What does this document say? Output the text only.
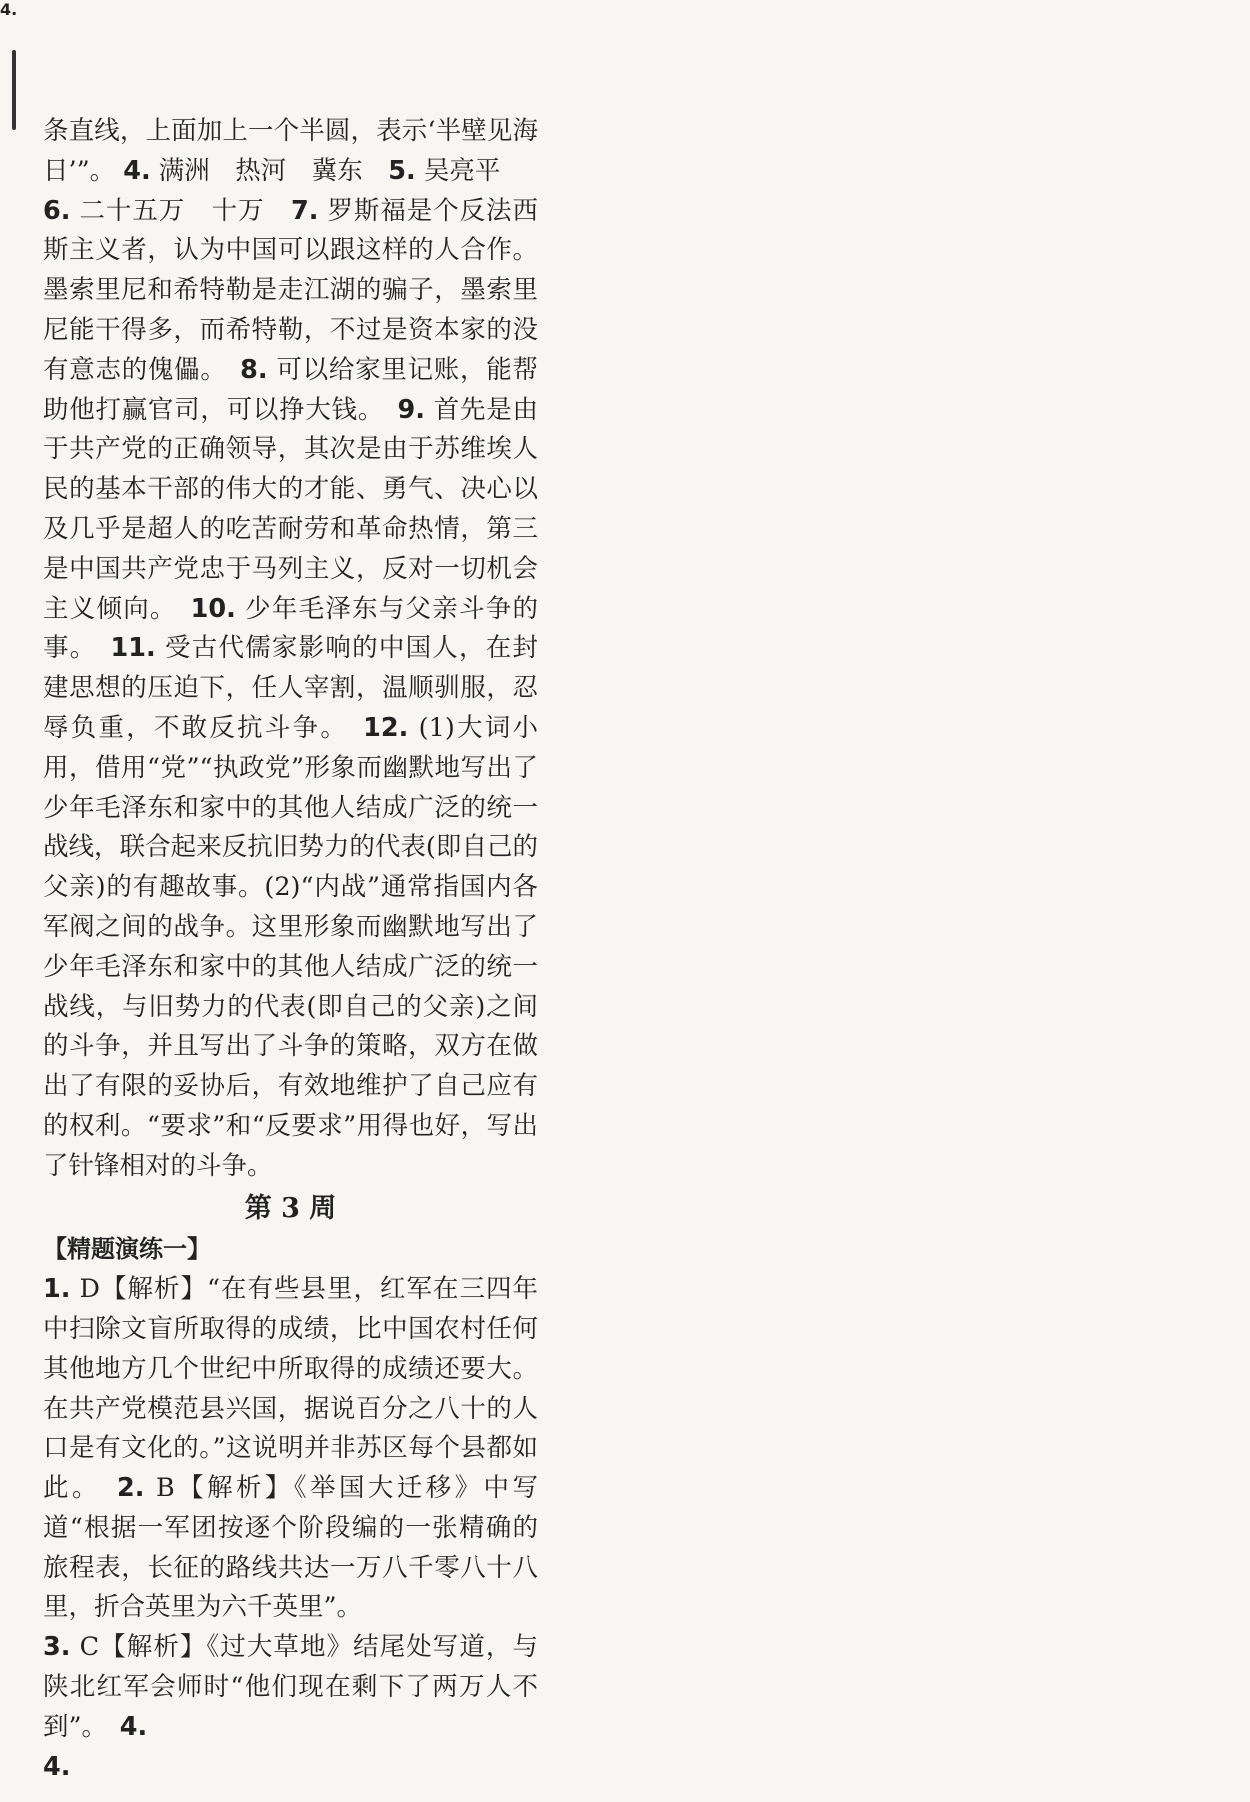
条直线，上面加上一个半圆，表示‘半壁见海日’”。 4. 满洲　热河　冀东　5. 吴亮平
6. 二十五万　十万　7. 罗斯福是个反法西斯主义者，认为中国可以跟这样的人合作。墨索里尼和希特勒是走江湖的骗子，墨索里尼能干得多，而希特勒，不过是资本家的没有意志的傀儡。　8. 可以给家里记账，能帮助他打赢官司，可以挣大钱。　9. 首先是由于共产党的正确领导，其次是由于苏维埃人民的基本干部的伟大的才能、勇气、决心以及几乎是超人的吃苦耐劳和革命热情，第三是中国共产党忠于马列主义，反对一切机会主义倾向。　10. 少年毛泽东与父亲斗争的事。　11. 受古代儒家影响的中国人，在封建思想的压迫下，任人宰割，温顺驯服，忍辱负重，不敢反抗斗争。　12. (1)大词小用，借用“党”“执政党”形象而幽默地写出了少年毛泽东和家中的其他人结成广泛的统一战线，联合起来反抗旧势力的代表(即自己的父亲)的有趣故事。(2)“内战”通常指国内各军阀之间的战争。这里形象而幽默地写出了少年毛泽东和家中的其他人结成广泛的统一战线，与旧势力的代表(即自己的父亲)之间的斗争，并且写出了斗争的策略，双方在做出了有限的妥协后，有效地维护了自己应有的权利。“要求”和“反要求”用得也好，写出了针锋相对的斗争。

第 3 周
【精题演练一】

1. D【解析】“在有些县里，红军在三四年中扫除文盲所取得的成绩，比中国农村任何其他地方几个世纪中所取得的成绩还要大。在共产党模范县兴国，据说百分之八十的人口是有文化的。”这说明并非苏区每个县都如此。　2. B【解析】《举国大迁移》中写道“根据一军团按逐个阶段编的一张精确的旅程表，长征的路线共达一万八千零八十八里，折合英里为六千英里”。
3. C【解析】《过大草地》结尾处写道，与陕北红军会师时“他们现在剩下了两万人不到”。　4.

4.
4.
